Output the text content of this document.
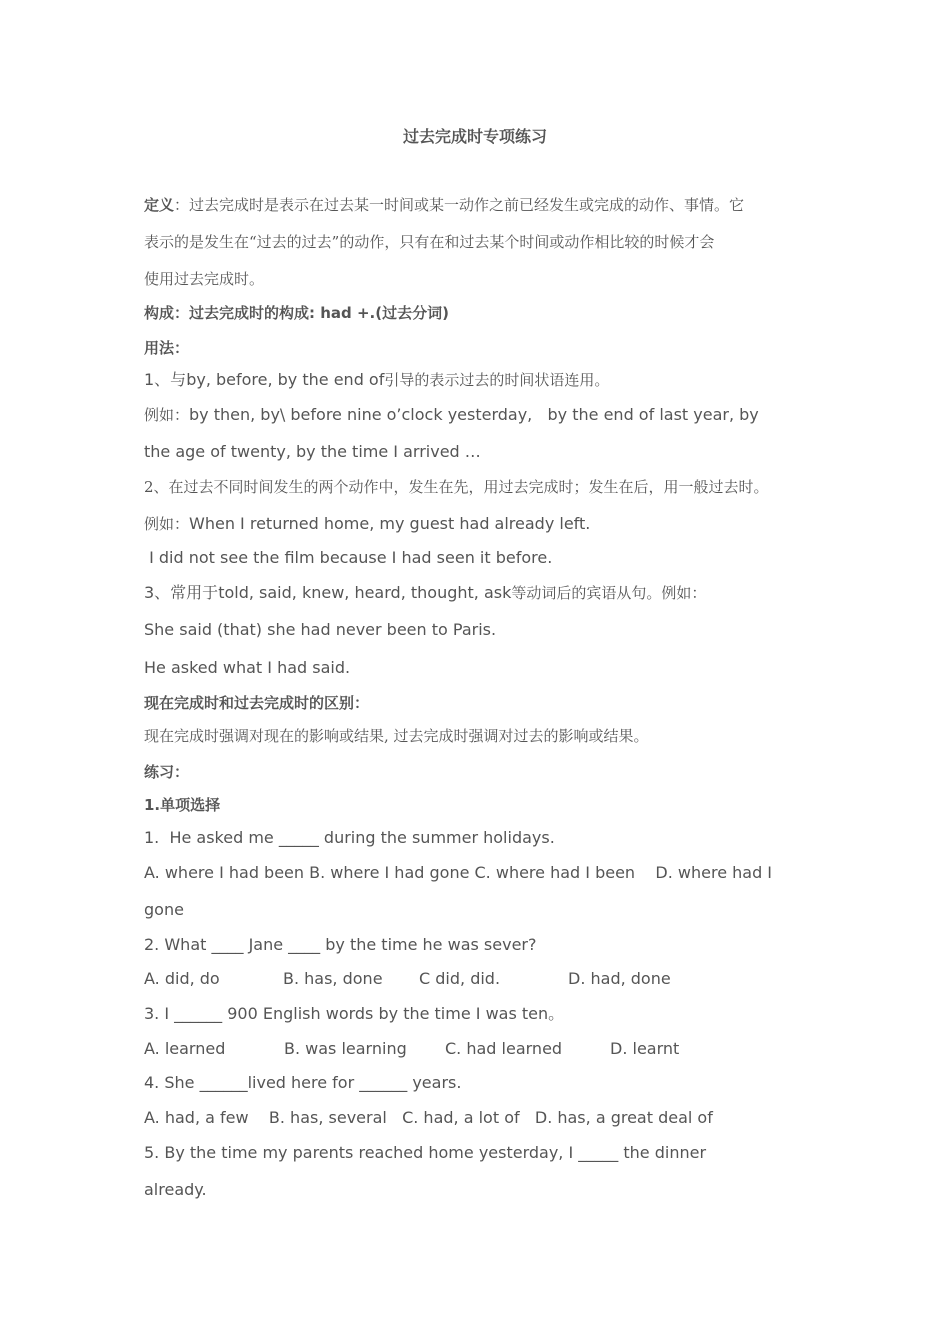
过去完成时专项练习
定义：过去完成时是表示在过去某一时间或某一动作之前已经发生或完成的动作、事情。它
表示的是发生在“过去的过去”的动作，只有在和过去某个时间或动作相比较的时候才会
使用过去完成时。
构成：过去完成时的构成: had +.(过去分词)
用法：
1、与by, before, by the end of引导的表示过去的时间状语连用。
例如：by then, by\ before nine o’clock yesterday,   by the end of last year, by
the age of twenty, by the time I arrived …
2、在过去不同时间发生的两个动作中，发生在先，用过去完成时；发生在后，用一般过去时。
例如：When I returned home, my guest had already left.
I did not see the film because I had seen it before.
3、常用于told, said, knew, heard, thought, ask等动词后的宾语从句。例如：
She said (that) she had never been to Paris.
He asked what I had said.
现在完成时和过去完成时的区别：
现在完成时强调对现在的影响或结果, 过去完成时强调对过去的影响或结果。
练习：
1.单项选择
1.  He asked me _____ during the summer holidays.
A. where I had been B. where I had gone C. where had I been    D. where had I
gone
2. What ____ Jane ____ by the time he was sever?
A. did, do	B. has, done C did, did.	D. had, done
3. I ______ 900 English words by the time I was ten。
A. learned	B. was learning C. had learned	D. learnt
4. She ______lived here for ______ years.
A. had, a few    B. has, several   C. had, a lot of   D. has, a great deal of
5. By the time my parents reached home yesterday, I _____ the dinner
already.
